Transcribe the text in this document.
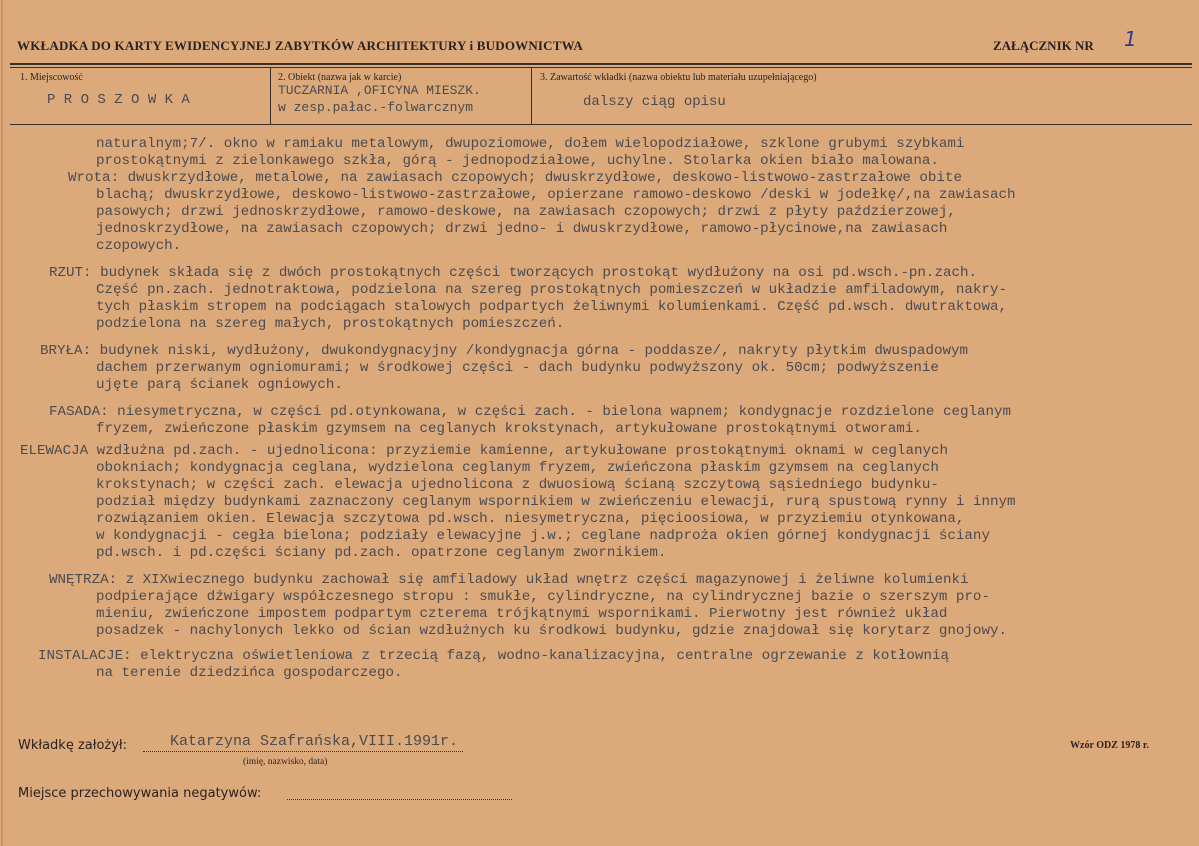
WKŁADKA DO KARTY EWIDENCYJNEJ ZABYTKÓW ARCHITEKTURY i BUDOWNICTWA	ZAŁĄCZNIK NR 1
1. Miejscowość
P R O S Z O W K A
2. Obiekt (nazwa jak w karcie)
TUCZARNIA ,OFICYNA MIESZK.
w zesp.pałac.-folwarcznym
3. Zawartość wkładki (nazwa obiektu lub materiału uzupełniającego)
dalszy ciąg opisu
naturalnym;7/. okno w ramiaku metalowym, dwupoziomowe, dołem wielopodziałowe, szklone grubymi szybkami
prostokątnymi z zielonkawego szkła, górą - jednopodziałowe, uchylne. Stolarka okien biało malowana.
Wrota: dwuskrzydłowe, metalowe, na zawiasach czopowych; dwuskrzydłowe, deskowo-listwowo-zastrzałowe obite
blachą; dwuskrzydłowe, deskowo-listwowo-zastrzałowe, opierzane ramowo-deskowo /deski w jodełkę/,na zawiasach
pasowych; drzwi jednoskrzydłowe, ramowo-deskowe, na zawiasach czopowych; drzwi z płyty paździerzowej,
jednoskrzydłowe, na zawiasach czopowych; drzwi jedno- i dwuskrzydłowe, ramowo-płycinowe,na zawiasach
czopowych.
RZUT: budynek składa się z dwóch prostokątnych części tworzących prostokąt wydłużony na osi pd.wsch.-pn.zach.
Część pn.zach. jednotraktowa, podzielona na szereg prostokątnych pomieszczeń w układzie amfiladowym, nakry-
tych płaskim stropem na podciągach stalowych podpartych żeliwnymi kolumienkami. Część pd.wsch. dwutraktowa,
podzielona na szereg małych, prostokątnych pomieszczeń.
BRYŁA: budynek niski, wydłużony, dwukondygnacyjny /kondygnacja górna - poddasze/, nakryty płytkim dwuspadowym
dachem przerwanym ogniomurami; w środkowej części - dach budynku podwyższony ok. 50cm; podwyższenie
ujęte parą ścianek ogniowych.
FASADA: niesymetryczna, w części pd.otynkowana, w części zach. - bielona wapnem; kondygnacje rozdzielone ceglanym
fryzem, zwieńczone płaskim gzymsem na ceglanych krokstynach, artykułowane prostokątnymi otworami.
ELEWACJA wzdłużna pd.zach. - ujednolicona: przyziemie kamienne, artykułowane prostokątnymi oknami w ceglanych
obokniach; kondygnacja ceglana, wydzielona ceglanym fryzem, zwieńczona płaskim gzymsem na ceglanych
krokstynach; w części zach. elewacja ujednolicona z dwuosiową ścianą szczytową sąsiedniego budynku-
podział między budynkami zaznaczony ceglanym wspornikiem w zwieńczeniu elewacji, rurą spustową rynny i innym
rozwiązaniem okien. Elewacja szczytowa pd.wsch. niesymetryczna, pięcioosiowa, w przyziemiu otynkowana,
w kondygnacji - cegła bielona; podziały elewacyjne j.w.; ceglane nadproża okien górnej kondygnacji ściany
pd.wsch. i pd.części ściany pd.zach. opatrzone ceglanym zwornikiem.
WNĘTRZA: z XIXwiecznego budynku zachował się amfiladowy układ wnętrz części magazynowej i żeliwne kolumienki
podpierające dźwigary współczesnego stropu : smukłe, cylindryczne, na cylindrycznej bazie o szerszym pro-
mieniu, zwieńczone impostem podpartym czterema trójkątnymi wspornikami. Pierwotny jest również układ
posadzek - nachylonych lekko od ścian wzdłużnych ku środkowi budynku, gdzie znajdował się korytarz gnojowy.
INSTALACJE: elektryczna oświetleniowa z trzecią fazą, wodno-kanalizacyjna, centralne ogrzewanie z kotłownią
na terenie dziedzińca gospodarczego.
Wkładkę założył:	Katarzyna Szafrańska,VIII.1991r.
(imię, nazwisko, data)
Wzór ODZ 1978 r.
Miejsce przechowywania negatywów:
